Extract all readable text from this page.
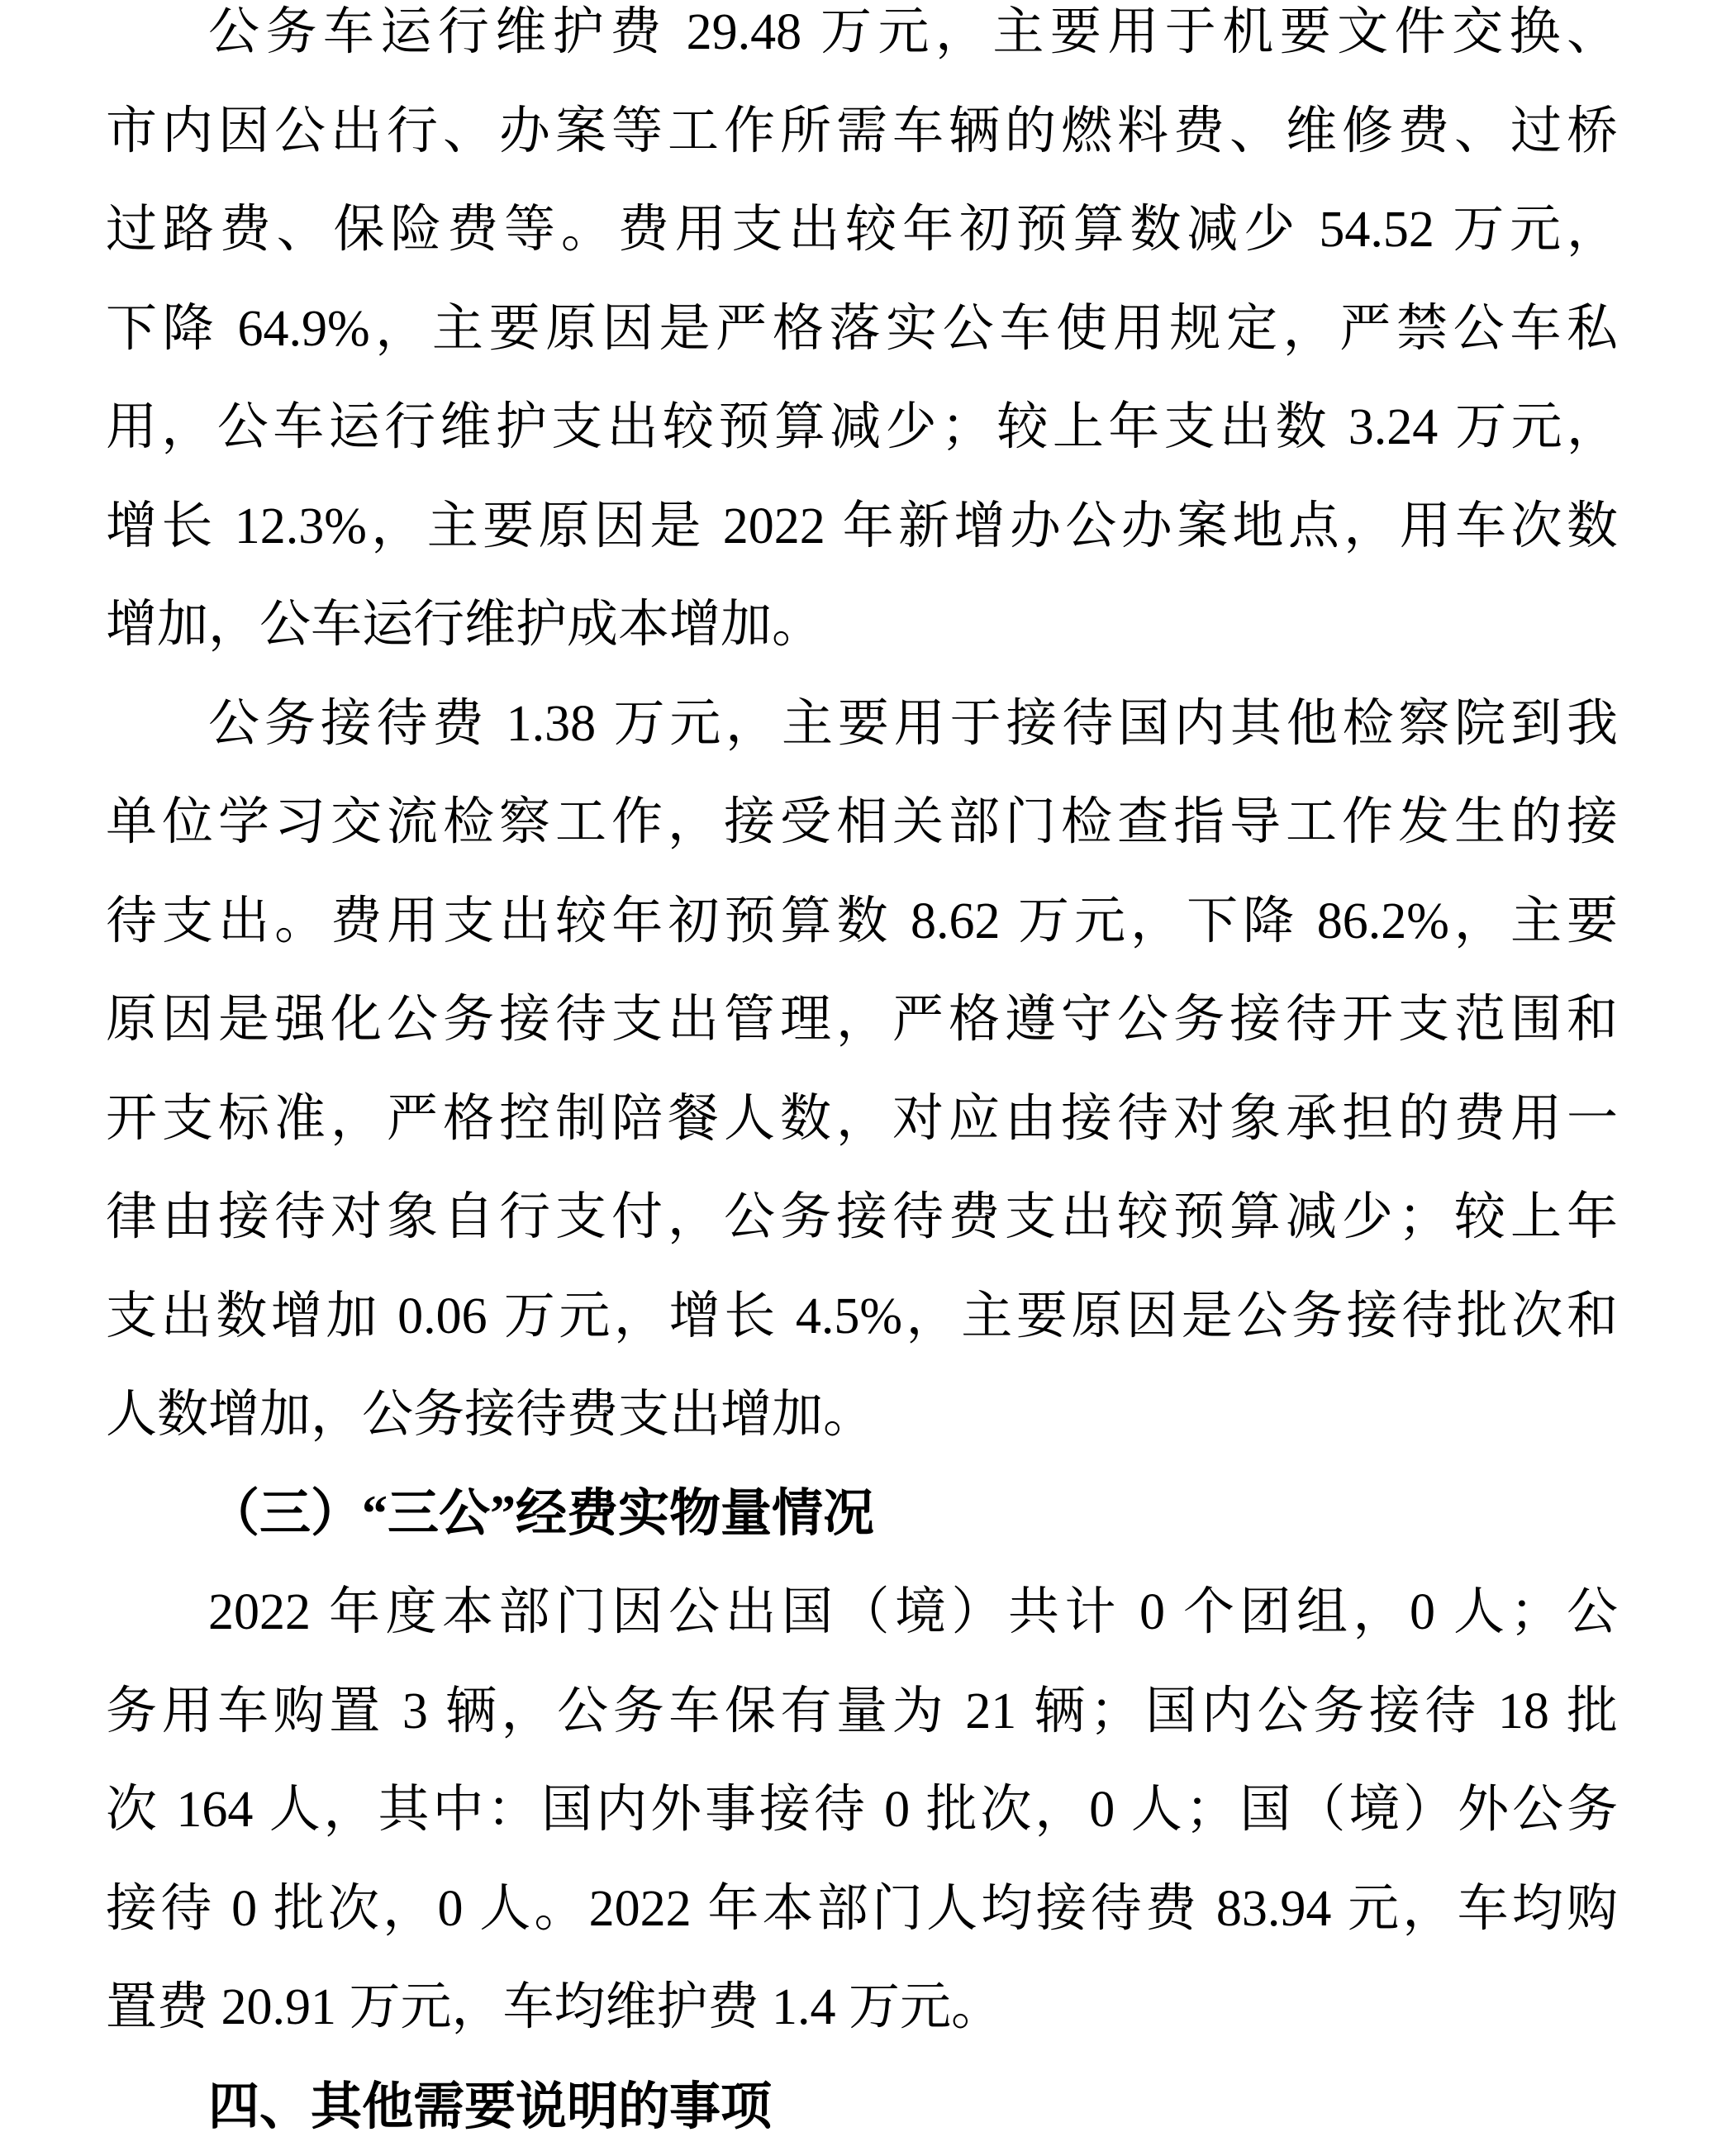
公务车运行维护费 29.48 万元，主要用于机要文件交换、
市内因公出行、办案等工作所需车辆的燃料费、维修费、过桥
过路费、保险费等。费用支出较年初预算数减少 54.52 万元，
下降 64.9%，主要原因是严格落实公车使用规定，严禁公车私
用，公车运行维护支出较预算减少；较上年支出数 3.24 万元，
增长 12.3%，主要原因是 2022 年新增办公办案地点，用车次数
增加，公车运行维护成本增加。
公务接待费 1.38 万元，主要用于接待国内其他检察院到我
单位学习交流检察工作，接受相关部门检查指导工作发生的接
待支出。费用支出较年初预算数 8.62 万元，下降 86.2%，主要
原因是强化公务接待支出管理，严格遵守公务接待开支范围和
开支标准，严格控制陪餐人数，对应由接待对象承担的费用一
律由接待对象自行支付，公务接待费支出较预算减少；较上年
支出数增加 0.06 万元，增长 4.5%，主要原因是公务接待批次和
人数增加，公务接待费支出增加。
（三）“三公”经费实物量情况
2022 年度本部门因公出国（境）共计 0 个团组，0 人；公
务用车购置 3 辆，公务车保有量为 21 辆；国内公务接待 18 批
次 164 人，其中：国内外事接待 0 批次，0 人；国（境）外公务
接待 0 批次，0 人。2022 年本部门人均接待费 83.94 元，车均购
置费 20.91 万元，车均维护费 1.4 万元。
四、其他需要说明的事项
